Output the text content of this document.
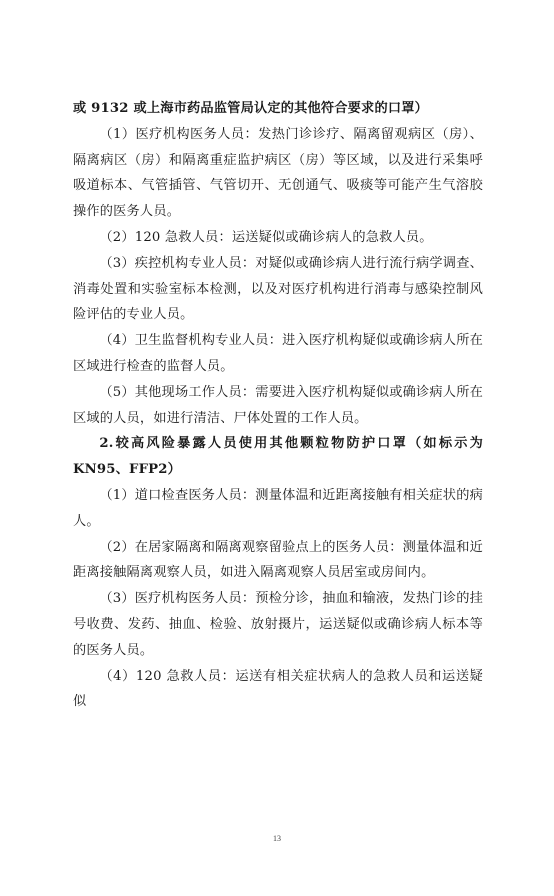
或 9132 或上海市药品监管局认定的其他符合要求的口罩）

（1）医疗机构医务人员：发热门诊诊疗、隔离留观病区（房）、隔离病区（房）和隔离重症监护病区（房）等区域，以及进行采集呼吸道标本、气管插管、气管切开、无创通气、吸痰等可能产生气溶胶操作的医务人员。

（2）120 急救人员：运送疑似或确诊病人的急救人员。

（3）疾控机构专业人员：对疑似或确诊病人进行流行病学调查、消毒处置和实验室标本检测，以及对医疗机构进行消毒与感染控制风险评估的专业人员。

（4）卫生监督机构专业人员：进入医疗机构疑似或确诊病人所在区域进行检查的监督人员。

（5）其他现场工作人员：需要进入医疗机构疑似或确诊病人所在区域的人员，如进行清洁、尸体处置的工作人员。

2.较高风险暴露人员使用其他颗粒物防护口罩（如标示为 KN95、FFP2）

（1）道口检查医务人员：测量体温和近距离接触有相关症状的病人。

（2）在居家隔离和隔离观察留验点上的医务人员：测量体温和近距离接触隔离观察人员，如进入隔离观察人员居室或房间内。

（3）医疗机构医务人员：预检分诊，抽血和输液，发热门诊的挂号收费、发药、抽血、检验、放射摄片，运送疑似或确诊病人标本等的医务人员。

（4）120 急救人员：运送有相关症状病人的急救人员和运送疑似

13
